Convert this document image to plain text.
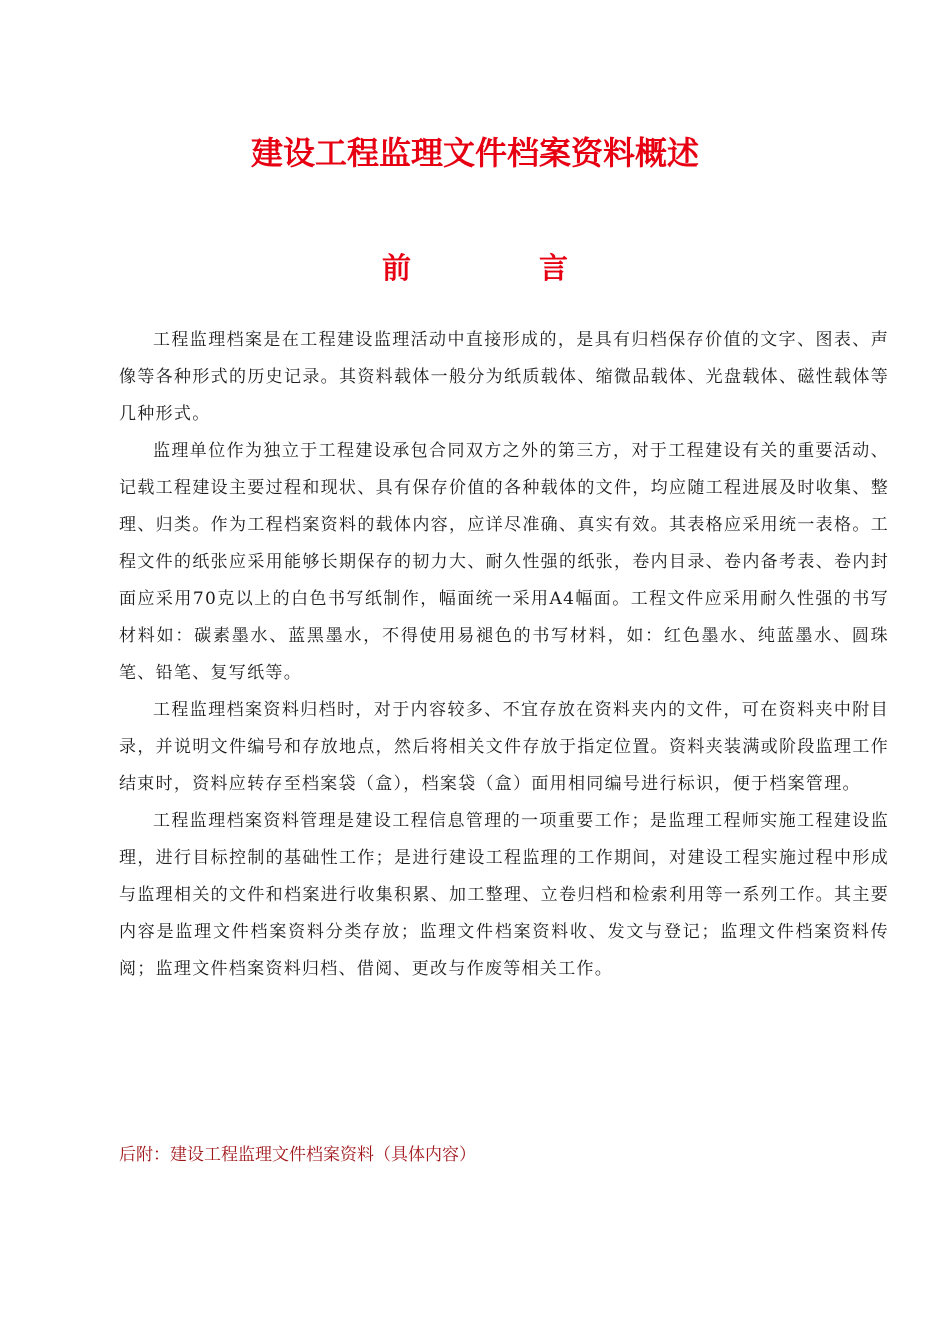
建设工程监理文件档案资料概述
前	言

工程监理档案是在工程建设监理活动中直接形成的，是具有归档保存价值的文字、图表、声像等各种形式的历史记录。其资料载体一般分为纸质载体、缩微品载体、光盘载体、磁性载体等几种形式。

监理单位作为独立于工程建设承包合同双方之外的第三方，对于工程建设有关的重要活动、记载工程建设主要过程和现状、具有保存价值的各种载体的文件，均应随工程进展及时收集、整理、归类。作为工程档案资料的载体内容，应详尽准确、真实有效。其表格应采用统一表格。工程文件的纸张应采用能够长期保存的韧力大、耐久性强的纸张，卷内目录、卷内备考表、卷内封面应采用70克以上的白色书写纸制作，幅面统一采用A4幅面。工程文件应采用耐久性强的书写材料如：碳素墨水、蓝黑墨水，不得使用易褪色的书写材料，如：红色墨水、纯蓝墨水、圆珠笔、铅笔、复写纸等。

工程监理档案资料归档时，对于内容较多、不宜存放在资料夹内的文件，可在资料夹中附目录，并说明文件编号和存放地点，然后将相关文件存放于指定位置。资料夹装满或阶段监理工作结束时，资料应转存至档案袋（盒），档案袋（盒）面用相同编号进行标识，便于档案管理。

工程监理档案资料管理是建设工程信息管理的一项重要工作；是监理工程师实施工程建设监理，进行目标控制的基础性工作；是进行建设工程监理的工作期间，对建设工程实施过程中形成与监理相关的文件和档案进行收集积累、加工整理、立卷归档和检索利用等一系列工作。其主要内容是监理文件档案资料分类存放；监理文件档案资料收、发文与登记；监理文件档案资料传阅；监理文件档案资料归档、借阅、更改与作废等相关工作。

后附：建设工程监理文件档案资料（具体内容）
